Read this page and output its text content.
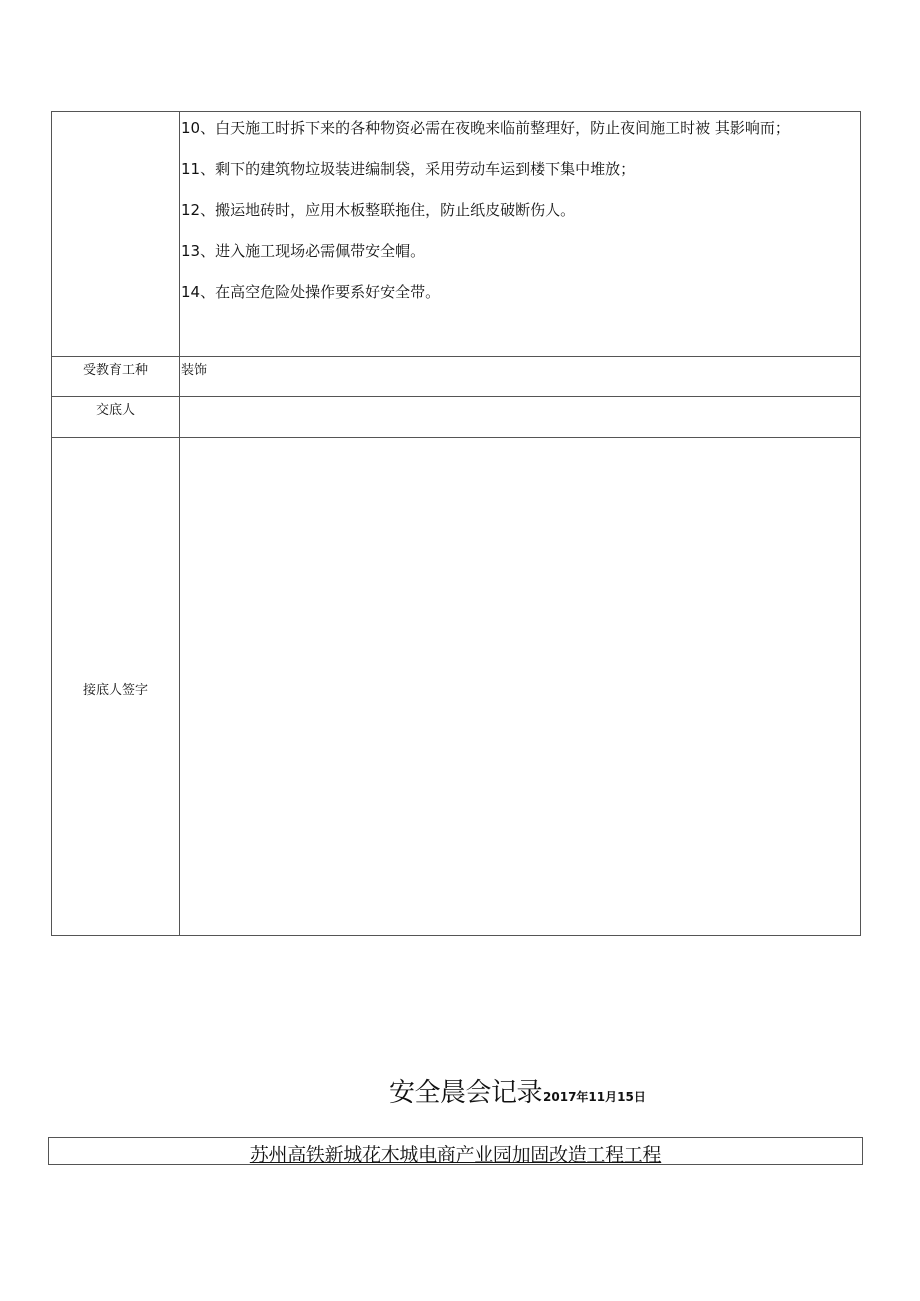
10、白天施工时拆下来的各种物资必需在夜晚来临前整理好，防止夜间施工时被 其影响而；

11、剩下的建筑物垃圾装进编制袋，采用劳动车运到楼下集中堆放；

12、搬运地砖时，应用木板整联拖住，防止纸皮破断伤人。

13、进入施工现场必需佩带安全帽。

14、在高空危险处操作要系好安全带。

受教育工种	装饰
交底人
接底人签字
安全晨会记录2017年11月15日
苏州高铁新城花木城电商产业园加固改造工程工程
